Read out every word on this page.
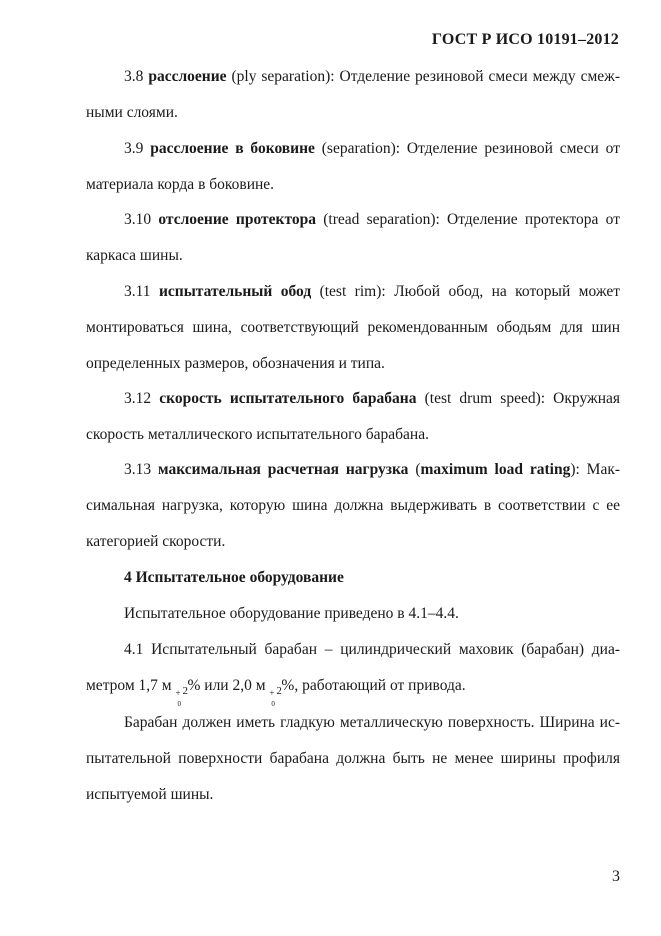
ГОСТ Р ИСО 10191–2012
3.8 расслоение (ply separation): Отделение резиновой смеси между смеж-
ными слоями.
3.9 расслоение в боковине (separation): Отделение резиновой смеси от
материала корда в боковине.
3.10 отслоение протектора (tread separation): Отделение протектора от
каркаса шины.
3.11 испытательный обод (test rim): Любой обод, на который может
монтироваться шина, соответствующий рекомендованным ободьям для шин
определенных размеров, обозначения и типа.
3.12 скорость испытательного барабана (test drum speed): Окружная
скорость металлического испытательного барабана.
3.13 максимальная расчетная нагрузка (maximum load rating): Мак-
симальная нагрузка, которую шина должна выдерживать в соответствии с ее
категорией скорости.
4 Испытательное оборудование
Испытательное оборудование приведено в 4.1–4.4.
4.1 Испытательный барабан – цилиндрический маховик (барабан) диа-
метром 1,7 м +
0
2 % или 2,0 м +
0
2 %, работающий от привода.
Барабан должен иметь гладкую металлическую поверхность. Ширина ис-
пытательной поверхности барабана должна быть не менее ширины профиля
испытуемой шины.
3
